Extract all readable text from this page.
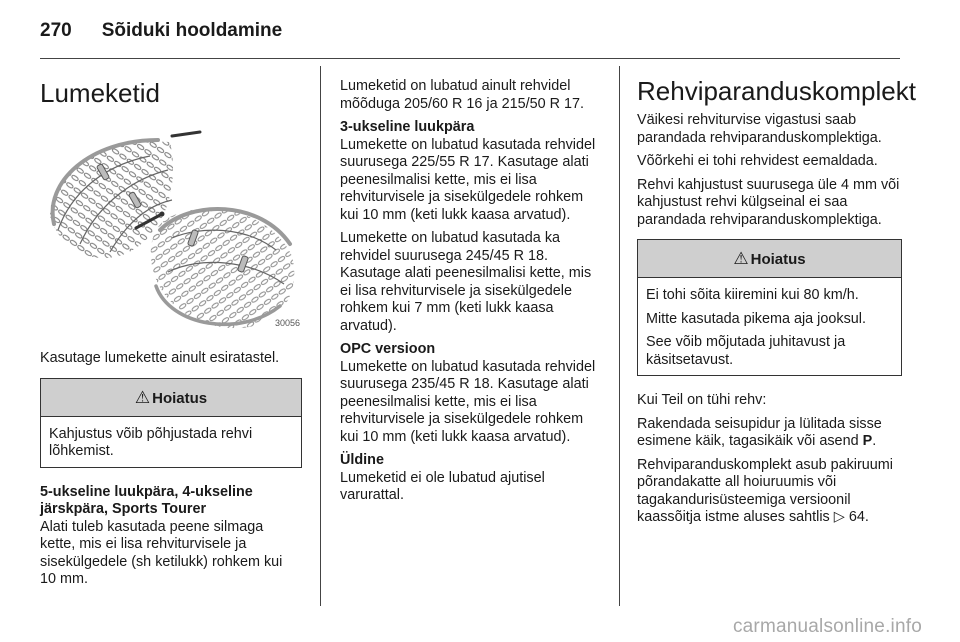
270 Sõiduki hooldamine
Lumeketid
30056

Kasutage lumekette ainult esiratastel.

⚠ Hoiatus

Kahjustus võib põhjustada rehvi lõhkemist.

5-ukseline luukpära, 4-ukseline järskpära, Sports Tourer

Alati tuleb kasutada peene silmaga kette, mis ei lisa rehviturvisele ja sisekülgedele (sh ketilukk) rohkem kui 10 mm.

Lumeketid on lubatud ainult rehvidel mõõduga 205/60 R 16 ja 215/50 R 17.

3-ukseline luukpära

Lumekette on lubatud kasutada rehvidel suurusega 225/55 R 17. Kasutage alati peenesilmalisi kette, mis ei lisa rehviturvisele ja sisekülgedele rohkem kui 10 mm (keti lukk kaasa arvatud).

Lumekette on lubatud kasutada ka rehvidel suurusega 245/45 R 18. Kasutage alati peenesilmalisi kette, mis ei lisa rehviturvisele ja sisekülgedele rohkem kui 7 mm (keti lukk kaasa arvatud).

OPC versioon

Lumekette on lubatud kasutada rehvidel suurusega 235/45 R 18. Kasutage alati peenesilmalisi kette, mis ei lisa rehviturvisele ja sisekülgedele rohkem kui 10 mm (keti lukk kaasa arvatud).

Üldine

Lumeketid ei ole lubatud ajutisel varurattal.

Rehviparanduskomplekt

Väikesi rehviturvise vigastusi saab parandada rehviparanduskomplektiga.

Võõrkehi ei tohi rehvidest eemaldada.

Rehvi kahjustust suurusega üle 4 mm või kahjustust rehvi külgseinal ei saa parandada rehviparanduskomplektiga.

⚠ Hoiatus

Ei tohi sõita kiiremini kui 80 km/h.

Mitte kasutada pikema aja jooksul.

See võib mõjutada juhitavust ja käsitsetavust.

Kui Teil on tühi rehv:

Rakendada seisupidur ja lülitada sisse esimene käik, tagasikäik või asend P.

Rehviparanduskomplekt asub pakiruumi põrandakatte all hoiuruumis või tagakandurisüsteemiga versioonil kaassõitja istme aluses sahtlis ▷ 64.

carmanualsonline.info
